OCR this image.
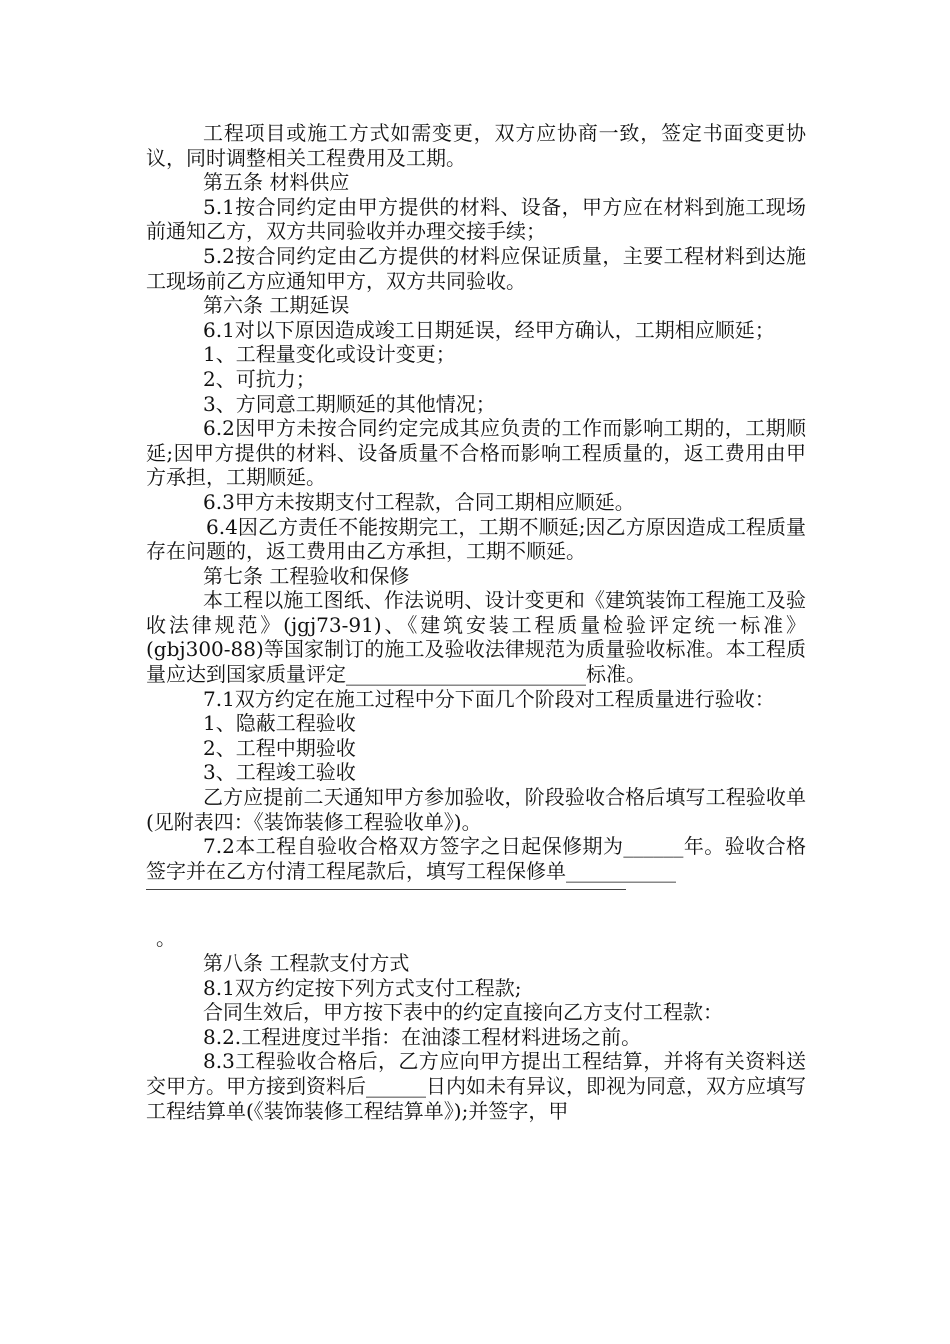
工程项目或施工方式如需变更，双方应协商一致，签定书面变更协议，同时调整相关工程费用及工期。

第五条 材料供应

5.1按合同约定由甲方提供的材料、设备，甲方应在材料到施工现场前通知乙方，双方共同验收并办理交接手续；

5.2按合同约定由乙方提供的材料应保证质量，主要工程材料到达施工现场前乙方应通知甲方，双方共同验收。

第六条 工期延误

6.1对以下原因造成竣工日期延误，经甲方确认，工期相应顺延；

1、工程量变化或设计变更；

2、可抗力；

3、方同意工期顺延的其他情况；

6.2因甲方未按合同约定完成其应负责的工作而影响工期的，工期顺延;因甲方提供的材料、设备质量不合格而影响工程质量的，返工费用由甲方承担，工期顺延。

6.3甲方未按期支付工程款，合同工期相应顺延。

6.4因乙方责任不能按期完工，工期不顺延;因乙方原因造成工程质量存在问题的，返工费用由乙方承担，工期不顺延。

第七条 工程验收和保修

本工程以施工图纸、作法说明、设计变更和《建筑装饰工程施工及验收法律规范》(jgj73-91)、《建筑安装工程质量检验评定统一标准》(gbj300-88)等国家制订的施工及验收法律规范为质量验收标准。本工程质量应达到国家质量评定________________________标准。

7.1双方约定在施工过程中分下面几个阶段对工程质量进行验收：

1、隐蔽工程验收

2、工程中期验收

3、工程竣工验收

乙方应提前二天通知甲方参加验收，阶段验收合格后填写工程验收单(见附表四：《装饰装修工程验收单》)。

7.2本工程自验收合格双方签字之日起保修期为______年。验收合格签字并在乙方付清工程尾款后，填写工程保修单___________

。

第八条 工程款支付方式

8.1双方约定按下列方式支付工程款;

合同生效后，甲方按下表中的约定直接向乙方支付工程款：

8.2.工程进度过半指：在油漆工程材料进场之前。

8.3工程验收合格后，乙方应向甲方提出工程结算，并将有关资料送交甲方。甲方接到资料后______日内如未有异议，即视为同意，双方应填写工程结算单(《装饰装修工程结算单》);并签字，甲
